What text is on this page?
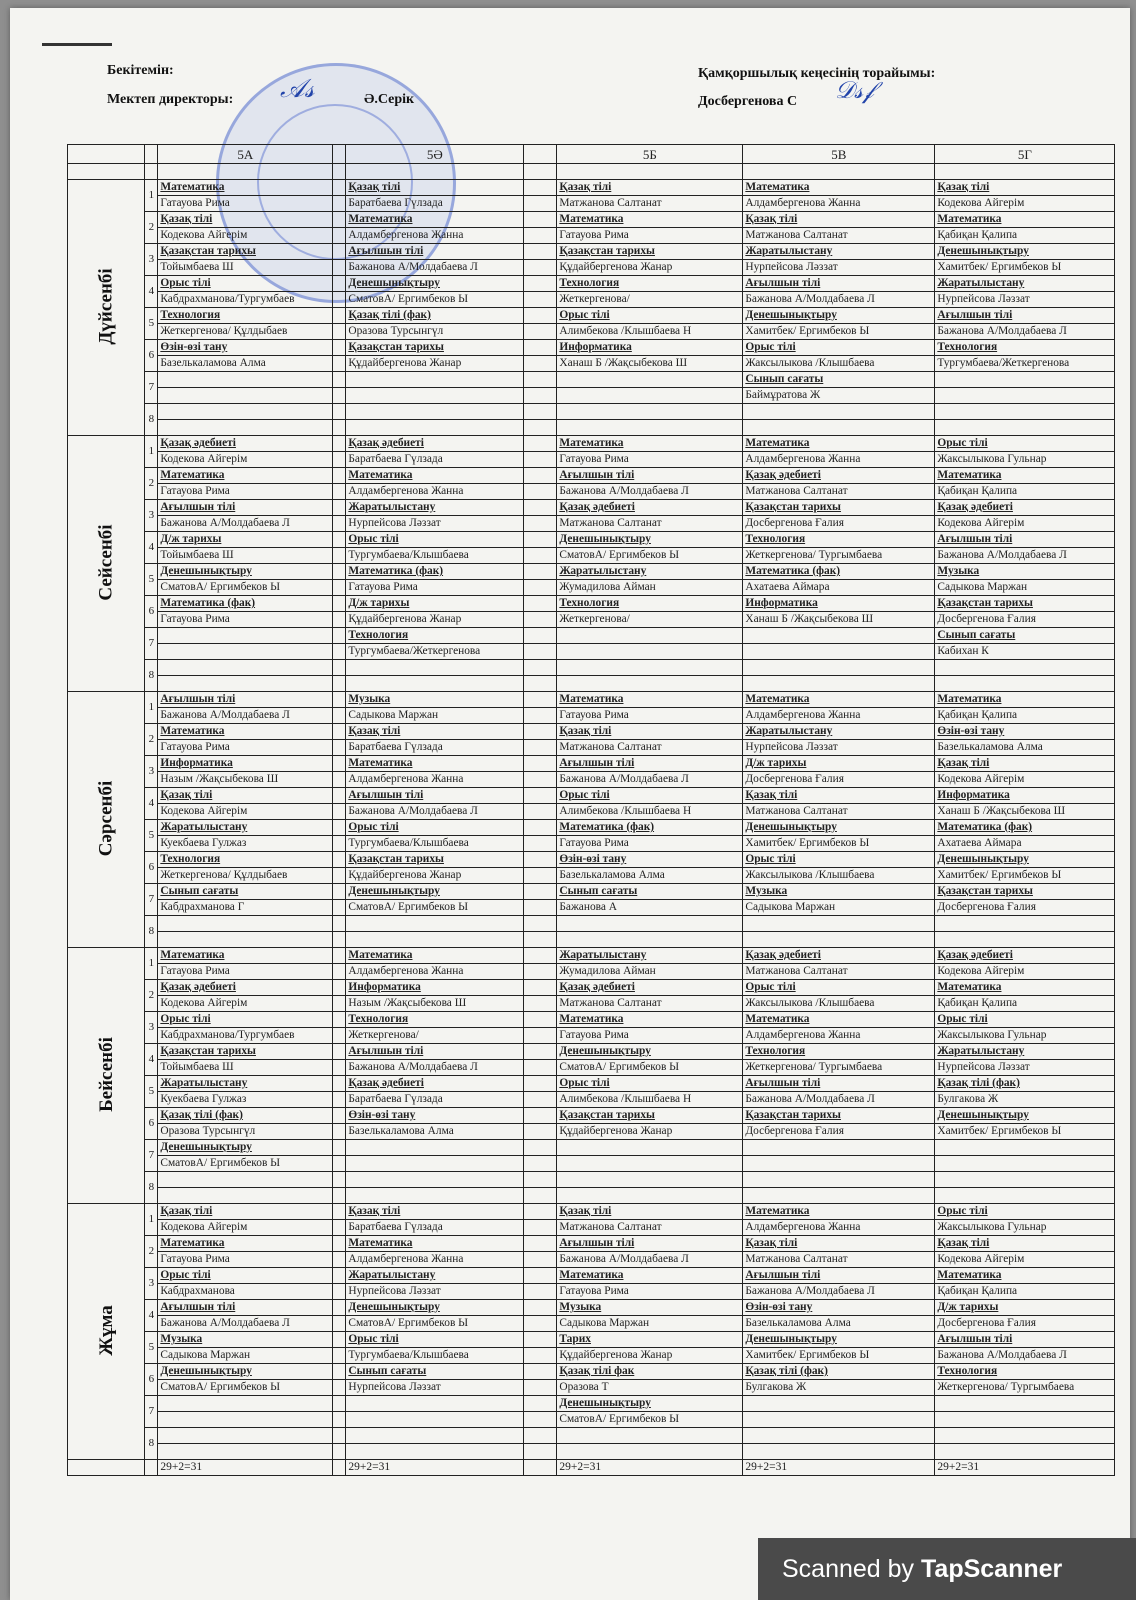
Бекітемін:
Мектеп директоры: 𝒜𝓈	Ә.Серік
Қамқоршылық кеңесінің торайымы:
Досбергенова С 𝒟𝓈𝒻
		5А		5Ә		5Б	5В	5Г

Дүйсенбі	1	Математика		Қазақ тілі		Қазақ тілі	Математика	Қазақ тілі
		Гатауова Рима		Баратбаева Гүлзада		Матжанова Салтанат	Алдамбергенова Жанна	Кодекова Айгерім
	2	Қазақ тілі		Математика		Математика	Қазақ тілі	Математика
		Кодекова Айгерім		Алдамбергенова Жанна		Гатауова Рима	Матжанова Салтанат	Қабиқан Қалипа
	3	Қазақстан тарихы		Ағылшын тілі		Қазақстан тарихы	Жаратылыстану	Денешынықтыру
		Тойымбаева Ш		Бажанова А/Молдабаева Л		Құдайбергенова Жанар	Нурпейсова Ләззат	Хамитбек/ Ергимбеков Ы
	4	Орыс тілі		Денешынықтыру		Технология	Ағылшын тілі	Жаратылыстану
		Кабдрахманова/Тургумбаев		СматовА/ Ергимбеков Ы		Жеткергенова/	Бажанова А/Молдабаева Л	Нурпейсова Ләззат
	5	Технология		Қазақ тілі (фак)		Орыс тілі	Денешынықтыру	Ағылшын тілі
		Жеткергенова/ Құлдыбаев		Оразова Турсынгүл		Алимбекова /Клышбаева Н	Хамитбек/ Ергимбеков Ы	Бажанова А/Молдабаева Л
	6	Өзін-өзі тану		Қазақстан тарихы		Информатика	Орыс тілі	Технология
		Базелькаламова Алма		Құдайбергенова Жанар		Ханаш Б /Жақсыбекова Ш	Жаксылыкова /Клышбаева	Тургумбаева/Жеткергенова
	7						Сынып сағаты	
							Баймұратова Ж	
	8							

Сейсенбі	1	Қазақ әдебиеті		Қазақ әдебиеті		Математика	Математика	Орыс тілі
		Кодекова Айгерім		Баратбаева Гүлзада		Гатауова Рима	Алдамбергенова Жанна	Жаксылыкова Гульнар
	2	Математика		Математика		Ағылшын тілі	Қазақ әдебиеті	Математика
		Гатауова Рима		Алдамбергенова Жанна		Бажанова А/Молдабаева Л	Матжанова Салтанат	Қабиқан Қалипа
	3	Ағылшын тілі		Жаратылыстану		Қазақ әдебиеті	Қазақстан тарихы	Қазақ әдебиеті
		Бажанова А/Молдабаева Л		Нурпейсова Ләззат		Матжанова Салтанат	Досбергенова Ғалия	Кодекова Айгерім
	4	Д/ж тарихы		Орыс тілі		Денешынықтыру	Технология	Ағылшын тілі
		Тойымбаева Ш		Тургумбаева/Клышбаева		СматовА/ Ергимбеков Ы	Жеткергенова/ Тургымбаева	Бажанова А/Молдабаева Л
	5	Денешынықтыру		Математика (фак)		Жаратылыстану	Математика (фак)	Музыка
		СматовА/ Ергимбеков Ы		Гатауова Рима		Жумадилова Айман	Ахатаева Аймара	Садыкова Маржан
	6	Математика (фак)		Д/ж тарихы		Технология	Информатика	Қазақстан тарихы
		Гатауова Рима		Құдайбергенова Жанар		Жеткергенова/	Ханаш Б /Жақсыбекова Ш	Досбергенова Ғалия
	7			Технология				Сынып сағаты
				Тургумбаева/Жеткергенова				Кабихан К
	8							

Сәрсенбі	1	Ағылшын тілі		Музыка		Математика	Математика	Математика
		Бажанова А/Молдабаева Л		Садыкова Маржан		Гатауова Рима	Алдамбергенова Жанна	Қабиқан Қалипа
	2	Математика		Қазақ тілі		Қазақ тілі	Жаратылыстану	Өзін-өзі тану
		Гатауова Рима		Баратбаева Гүлзада		Матжанова Салтанат	Нурпейсова Ләззат	Базелькаламова Алма
	3	Информатика		Математика		Ағылшын тілі	Д/ж тарихы	Қазақ тілі
		Назым /Жақсыбекова Ш		Алдамбергенова Жанна		Бажанова А/Молдабаева Л	Досбергенова Ғалия	Кодекова Айгерім
	4	Қазақ тілі		Ағылшын тілі		Орыс тілі	Қазақ тілі	Информатика
		Кодекова Айгерім		Бажанова А/Молдабаева Л		Алимбекова /Клышбаева Н	Матжанова Салтанат	Ханаш Б /Жақсыбекова Ш
	5	Жаратылыстану		Орыс тілі		Математика (фак)	Денешынықтыру	Математика (фак)
		Куекбаева Гулжаз		Тургумбаева/Клышбаева		Гатауова Рима	Хамитбек/ Ергимбеков Ы	Ахатаева Аймара
	6	Технология		Қазақстан тарихы		Өзін-өзі тану	Орыс тілі	Денешынықтыру
		Жеткергенова/ Құлдыбаев		Құдайбергенова Жанар		Базелькаламова Алма	Жаксылыкова /Клышбаева	Хамитбек/ Ергимбеков Ы
	7	Сынып сағаты		Денешынықтыру		Сынып сағаты	Музыка	Қазақстан тарихы
		Кабдрахманова Г		СматовА/ Ергимбеков Ы		Бажанова А	Садыкова Маржан	Досбергенова Ғалия
	8							

Бейсенбі	1	Математика		Математика		Жаратылыстану	Қазақ әдебиеті	Қазақ әдебиеті
		Гатауова Рима		Алдамбергенова Жанна		Жумадилова Айман	Матжанова Салтанат	Кодекова Айгерім
	2	Қазақ әдебиеті		Информатика		Қазақ әдебиеті	Орыс тілі	Математика
		Кодекова Айгерім		Назым /Жақсыбекова Ш		Матжанова Салтанат	Жаксылыкова /Клышбаева	Қабиқан Қалипа
	3	Орыс тілі		Технология		Математика	Математика	Орыс тілі
		Кабдрахманова/Тургумбаев		Жеткергенова/		Гатауова Рима	Алдамбергенова Жанна	Жаксылыкова Гульнар
	4	Қазақстан тарихы		Ағылшын тілі		Денешынықтыру	Технология	Жаратылыстану
		Тойымбаева Ш		Бажанова А/Молдабаева Л		СматовА/ Ергимбеков Ы	Жеткергенова/ Тургымбаева	Нурпейсова Ләззат
	5	Жаратылыстану		Қазақ әдебиеті		Орыс тілі	Ағылшын тілі	Қазақ тілі (фак)
		Куекбаева Гулжаз		Баратбаева Гүлзада		Алимбекова /Клышбаева Н	Бажанова А/Молдабаева Л	Булгакова Ж
	6	Қазақ тілі (фак)		Өзін-өзі тану		Қазақстан тарихы	Қазақстан тарихы	Денешынықтыру
		Оразова Турсынгүл		Базелькаламова Алма		Құдайбергенова Жанар	Досбергенова Ғалия	Хамитбек/ Ергимбеков Ы
	7	Денешынықтыру						
		СматовА/ Ергимбеков Ы						
	8							

Жұма	1	Қазақ тілі		Қазақ тілі		Қазақ тілі	Математика	Орыс тілі
		Кодекова Айгерім		Баратбаева Гүлзада		Матжанова Салтанат	Алдамбергенова Жанна	Жаксылыкова Гульнар
	2	Математика		Математика		Ағылшын тілі	Қазақ тілі	Қазақ тілі
		Гатауова Рима		Алдамбергенова Жанна		Бажанова А/Молдабаева Л	Матжанова Салтанат	Кодекова Айгерім
	3	Орыс тілі		Жаратылыстану		Математика	Ағылшын тілі	Математика
		Кабдрахманова		Нурпейсова Ләззат		Гатауова Рима	Бажанова А/Молдабаева Л	Қабиқан Қалипа
	4	Ағылшын тілі		Денешынықтыру		Музыка	Өзін-өзі тану	Д/ж тарихы
		Бажанова А/Молдабаева Л		СматовА/ Ергимбеков Ы		Садыкова Маржан	Базелькаламова Алма	Досбергенова Ғалия
	5	Музыка		Орыс тілі		Тарих	Денешынықтыру	Ағылшын тілі
		Садыкова Маржан		Тургумбаева/Клышбаева		Құдайбергенова Жанар	Хамитбек/ Ергимбеков Ы	Бажанова А/Молдабаева Л
	6	Денешынықтыру		Сынып сағаты		Қазақ тілі фак	Қазақ тілі (фак)	Технология
		СматовА/ Ергимбеков Ы		Нурпейсова Ләззат		Оразова Т	Булгакова Ж	Жеткергенова/ Тургымбаева
	7					Денешынықтыру		
						СматовА/ Ергимбеков Ы		
	8							

		29+2=31		29+2=31		29+2=31	29+2=31	29+2=31
Scanned by TapScanner
